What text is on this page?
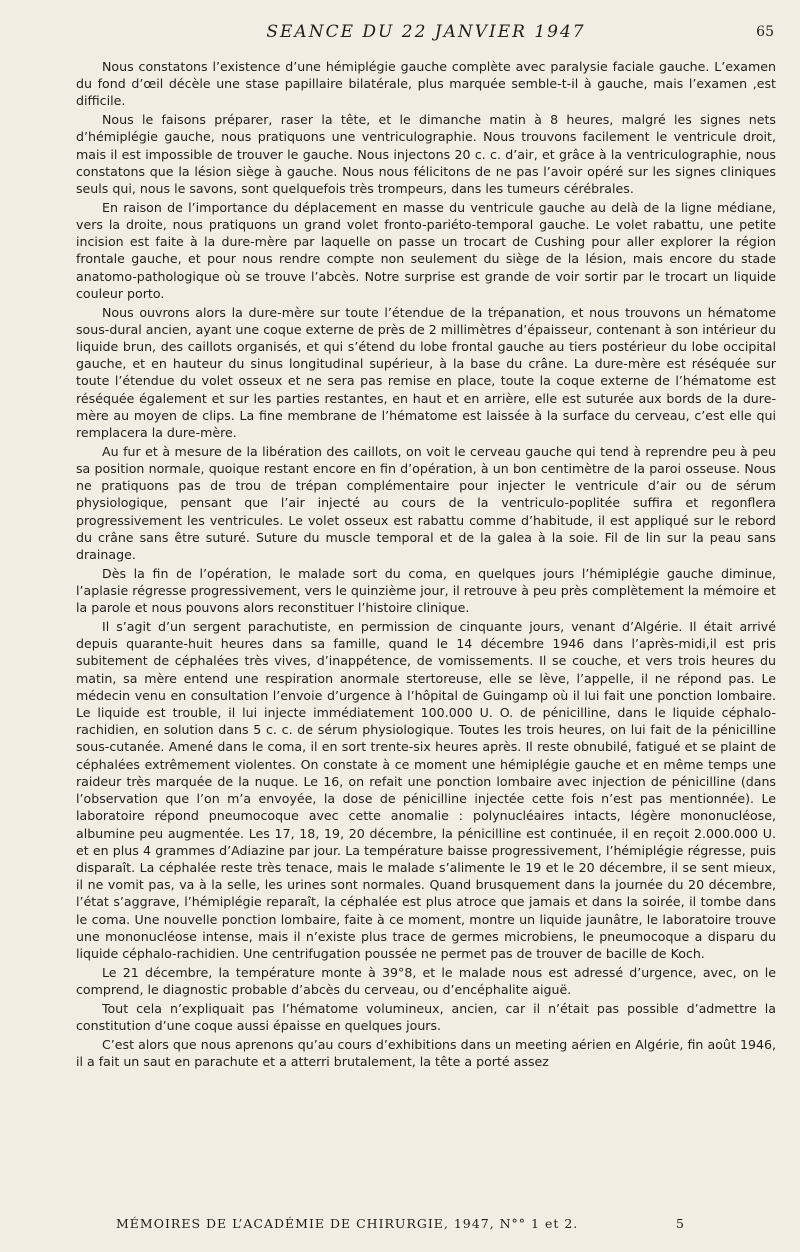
SEANCE DU 22 JANVIER 1947	65

Nous constatons l’existence d’une hémiplégie gauche complète avec paralysie faciale gauche. L’examen du fond d’œil décèle une stase papillaire bilatérale, plus marquée semble-t-il à gauche, mais l’examen ,est difficile.

Nous le faisons préparer, raser la tête, et le dimanche matin à 8 heures, malgré les signes nets d’hémiplégie gauche, nous pratiquons une ventriculographie. Nous trouvons facilement le ventricule droit, mais il est impossible de trouver le gauche. Nous injectons 20 c. c. d’air, et grâce à la ventriculographie, nous constatons que la lésion siège à gauche. Nous nous félicitons de ne pas l’avoir opéré sur les signes cliniques seuls qui, nous le savons, sont quelquefois très trompeurs, dans les tumeurs cérébrales.

En raison de l’importance du déplacement en masse du ventricule gauche au delà de la ligne médiane, vers la droite, nous pratiquons un grand volet fronto-pariéto-temporal gauche. Le volet rabattu, une petite incision est faite à la dure-mère par laquelle on passe un trocart de Cushing pour aller explorer la région frontale gauche, et pour nous rendre compte non seulement du siège de la lésion, mais encore du stade anatomo-pathologique où se trouve l’abcès. Notre surprise est grande de voir sortir par le trocart un liquide couleur porto.

Nous ouvrons alors la dure-mère sur toute l’étendue de la trépanation, et nous trouvons un hématome sous-dural ancien, ayant une coque externe de près de 2 millimètres d’épaisseur, contenant à son intérieur du liquide brun, des caillots organisés, et qui s’étend du lobe frontal gauche au tiers postérieur du lobe occipital gauche, et en hauteur du sinus longitudinal supérieur, à la base du crâne. La dure-mère est réséquée sur toute l’étendue du volet osseux et ne sera pas remise en place, toute la coque externe de l’hématome est réséquée également et sur les parties restantes, en haut et en arrière, elle est suturée aux bords de la dure-mère au moyen de clips. La fine membrane de l’hématome est laissée à la surface du cerveau, c’est elle qui remplacera la dure-mère.

Au fur et à mesure de la libération des caillots, on voit le cerveau gauche qui tend à reprendre peu à peu sa position normale, quoique restant encore en fin d’opération, à un bon centimètre de la paroi osseuse. Nous ne pratiquons pas de trou de trépan complémentaire pour injecter le ventricule d’air ou de sérum physiologique, pensant que l’air injecté au cours de la ventriculo-poplitée suffira et regonflera progressivement les ventricules. Le volet osseux est rabattu comme d’habitude, il est appliqué sur le rebord du crâne sans être suturé. Suture du muscle temporal et de la galea à la soie. Fil de lin sur la peau sans drainage.

Dès la fin de l’opération, le malade sort du coma, en quelques jours l’hémiplégie gauche diminue, l’aplasie régresse progressivement, vers le quinzième jour, il retrouve à peu près complètement la mémoire et la parole et nous pouvons alors reconstituer l’histoire clinique.

Il s’agit d’un sergent parachutiste, en permission de cinquante jours, venant d’Algérie. Il était arrivé depuis quarante-huit heures dans sa famille, quand le 14 décembre 1946 dans l’après-midi,il est pris subitement de céphalées très vives, d’inappétence, de vomissements. Il se couche, et vers trois heures du matin, sa mère entend une respiration anormale stertoreuse, elle se lève, l’appelle, il ne répond pas. Le médecin venu en consultation l’envoie d’urgence à l’hôpital de Guingamp où il lui fait une ponction lombaire. Le liquide est trouble, il lui injecte immédiatement 100.000 U. O. de pénicilline, dans le liquide céphalo-rachidien, en solution dans 5 c. c. de sérum physiologique. Toutes les trois heures, on lui fait de la pénicilline sous-cutanée. Amené dans le coma, il en sort trente-six heures après. Il reste obnubilé, fatigué et se plaint de céphalées extrêmement violentes. On constate à ce moment une hémiplégie gauche et en même temps une raideur très marquée de la nuque. Le 16, on refait une ponction lombaire avec injection de pénicilline (dans l’observation que l’on m’a envoyée, la dose de pénicilline injectée cette fois n’est pas mentionnée). Le laboratoire répond pneumocoque avec cette anomalie : polynucléaires intacts, légère mononucléose, albumine peu augmentée. Les 17, 18, 19, 20 décembre, la pénicilline est continuée, il en reçoit 2.000.000 U. et en plus 4 grammes d’Adiazine par jour. La température baisse progressivement, l’hémiplégie régresse, puis disparaît. La céphalée reste très tenace, mais le malade s’alimente le 19 et le 20 décembre, il se sent mieux, il ne vomit pas, va à la selle, les urines sont normales. Quand brusquement dans la journée du 20 décembre, l’état s’aggrave, l’hémiplégie reparaît, la céphalée est plus atroce que jamais et dans la soirée, il tombe dans le coma. Une nouvelle ponction lombaire, faite à ce moment, montre un liquide jaunâtre, le laboratoire trouve une mononucléose intense, mais il n’existe plus trace de germes microbiens, le pneumocoque a disparu du liquide céphalo-rachidien. Une centrifugation poussée ne permet pas de trouver de bacille de Koch.

Le 21 décembre, la température monte à 39°8, et le malade nous est adressé d’urgence, avec, on le comprend, le diagnostic probable d’abcès du cerveau, ou d’encéphalite aiguë.

Tout cela n’expliquait pas l’hématome volumineux, ancien, car il n’était pas possible d’admettre la constitution d’une coque aussi épaisse en quelques jours.

C’est alors que nous aprenons qu’au cours d’exhibitions dans un meeting aérien en Algérie, fin août 1946, il a fait un saut en parachute et a atterri brutalement, la tête a porté assez

MÉMOIRES DE L’ACADÉMIE DE CHIRURGIE, 1947, N°° 1 et 2.	5
